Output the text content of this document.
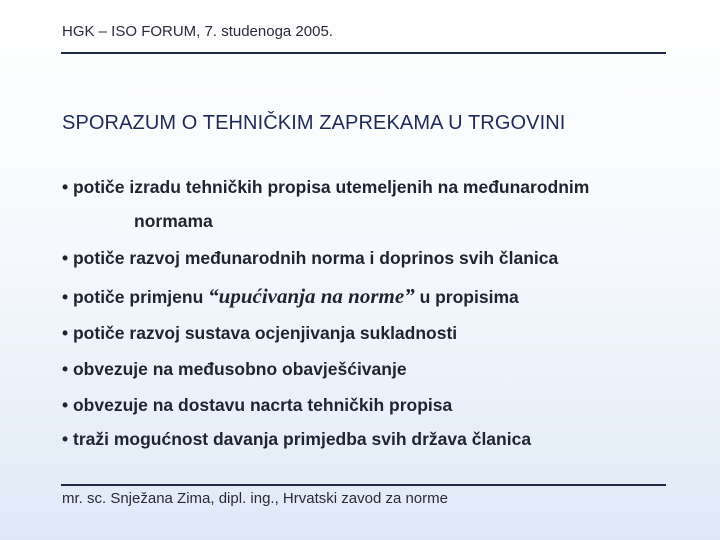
HGK – ISO FORUM, 7. studenoga 2005.
SPORAZUM O TEHNIČKIM ZAPREKAMA U TRGOVINI
• potiče izradu tehničkih propisa utemeljenih na međunarodnim
normama
• potiče razvoj međunarodnih norma i doprinos svih članica
• potiče primjenu “upućivanja na norme” u propisima
• potiče razvoj sustava ocjenjivanja sukladnosti
• obvezuje na međusobno obavješćivanje
• obvezuje na dostavu nacrta tehničkih propisa
• traži mogućnost davanja primjedba svih država članica
mr. sc. Snježana Zima, dipl. ing., Hrvatski zavod za norme
